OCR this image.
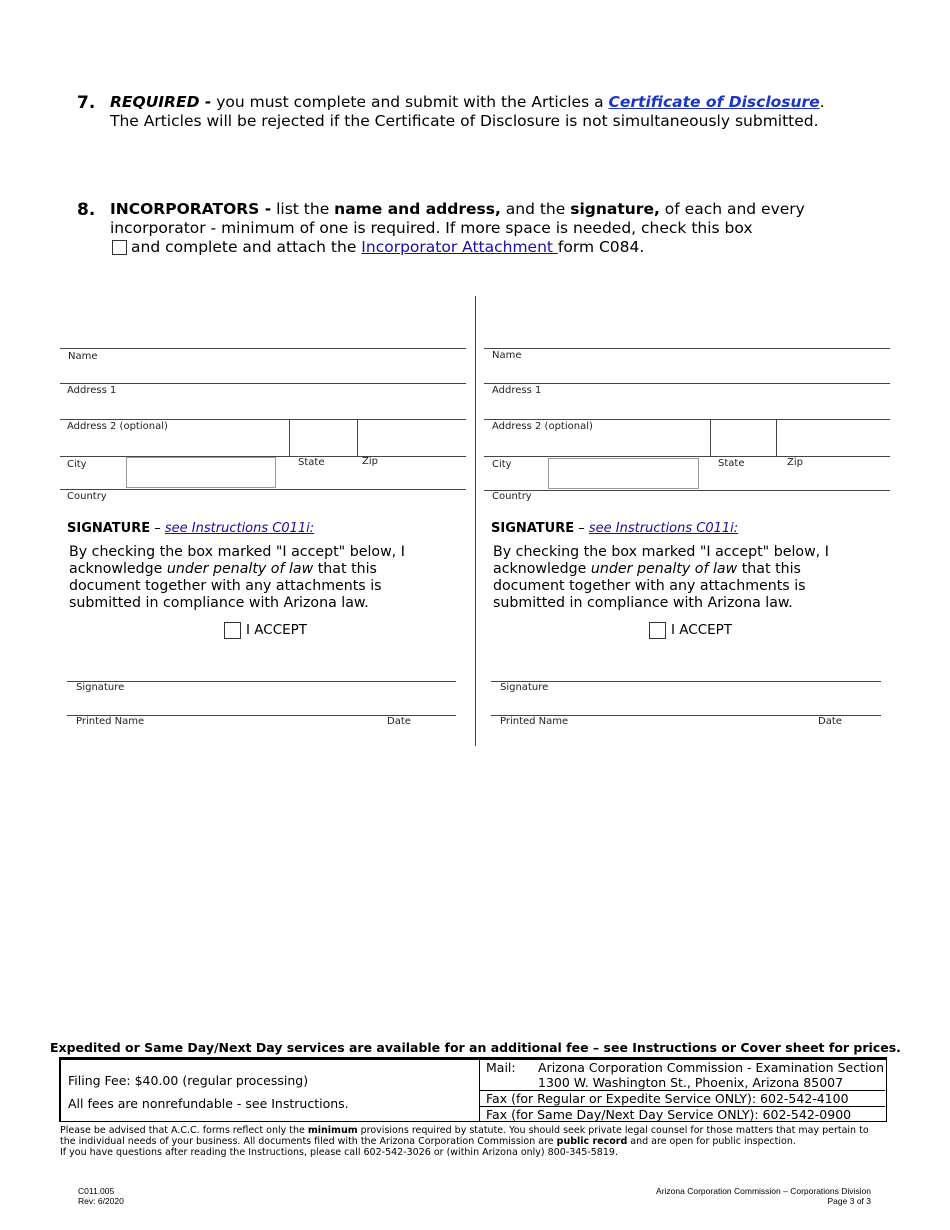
7. REQUIRED - you must complete and submit with the Articles a Certificate of Disclosure.
The Articles will be rejected if the Certificate of Disclosure is not simultaneously submitted.
8. INCORPORATORS - list the name and address, and the signature, of each and every
incorporator - minimum of one is required. If more space is needed, check this box
and complete and attach the Incorporator Attachment form C084.
Name
Address 1
Address 2 (optional)
City	State	Zip
Country
SIGNATURE – see Instructions C011i:
By checking the box marked "I accept" below, I acknowledge under penalty of law that this document together with any attachments is submitted in compliance with Arizona law.
I ACCEPT
Signature
Printed Name	Date
Name
Address 1
Address 2 (optional)
City	State	Zip
Country
SIGNATURE – see Instructions C011i:
By checking the box marked "I accept" below, I acknowledge under penalty of law that this document together with any attachments is submitted in compliance with Arizona law.
I ACCEPT
Signature
Printed Name	Date
Expedited or Same Day/Next Day services are available for an additional fee – see Instructions or Cover sheet for prices.
Filing Fee: $40.00 (regular processing)
All fees are nonrefundable - see Instructions.
Mail: Arizona Corporation Commission - Examination Section
1300 W. Washington St., Phoenix, Arizona 85007
Fax (for Regular or Expedite Service ONLY): 602-542-4100
Fax (for Same Day/Next Day Service ONLY): 602-542-0900
Please be advised that A.C.C. forms reflect only the minimum provisions required by statute. You should seek private legal counsel for those matters that may pertain to
the individual needs of your business. All documents filed with the Arizona Corporation Commission are public record and are open for public inspection.
If you have questions after reading the Instructions, please call 602-542-3026 or (within Arizona only) 800-345-5819.
C011.005
Rev: 6/2020
Arizona Corporation Commission – Corporations Division
Page 3 of 3
